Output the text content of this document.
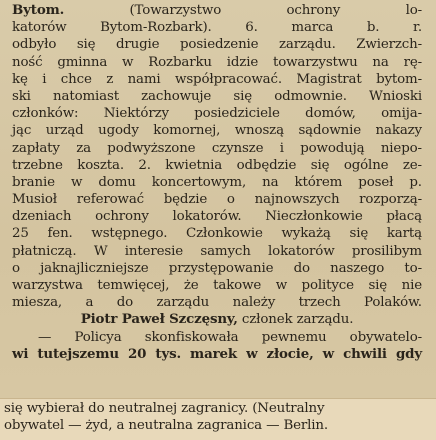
Bytom.	(Towarzystwo	ochrony	lo-
katorów	Bytom-Rozbark).	6.	marca	b.	r.
odbyło się drugie posiedzenie zarządu. Zwierzch-
ność gminna w Rozbarku idzie towarzystwu na rę-
kę i chce z nami współpracować. Magistrat bytom-
ski natomiast zachowuje się odmownie. Wnioski
członków: Niektórzy posiedziciele domów, omija-
jąc urząd ugody komornej, wnoszą sądownie nakazy
zapłaty za podwyższone czynsze i powodują niepo-
trzebne koszta. 2. kwietnia odbędzie się ogólne ze-
branie w domu koncertowym, na którem poseł p.
Musioł referować będzie o najnowszych rozporzą-
dzeniach ochrony lokatorów. Nieczłonkowie płacą
25 fen. wstępnego. Członkowie wykażą się kartą
płatniczą. W interesie samych lokatorów prosilibym
o jaknajliczniejsze przystępowanie do naszego to-
warzystwa temwięcej, że takowe w polityce się nie
miesza, a do zarządu należy trzech Polaków.
Piotr Paweł Szczęsny, członek zarządu.
— Policya skonfiskowała pewnemu obywatelo-
wi tutejszemu 20 tys. marek w złocie, w chwili gdy
się wybierał do neutralnej zagranicy. (Neutralny
obywatel — żyd, a neutralna zagranica — Berlin.
